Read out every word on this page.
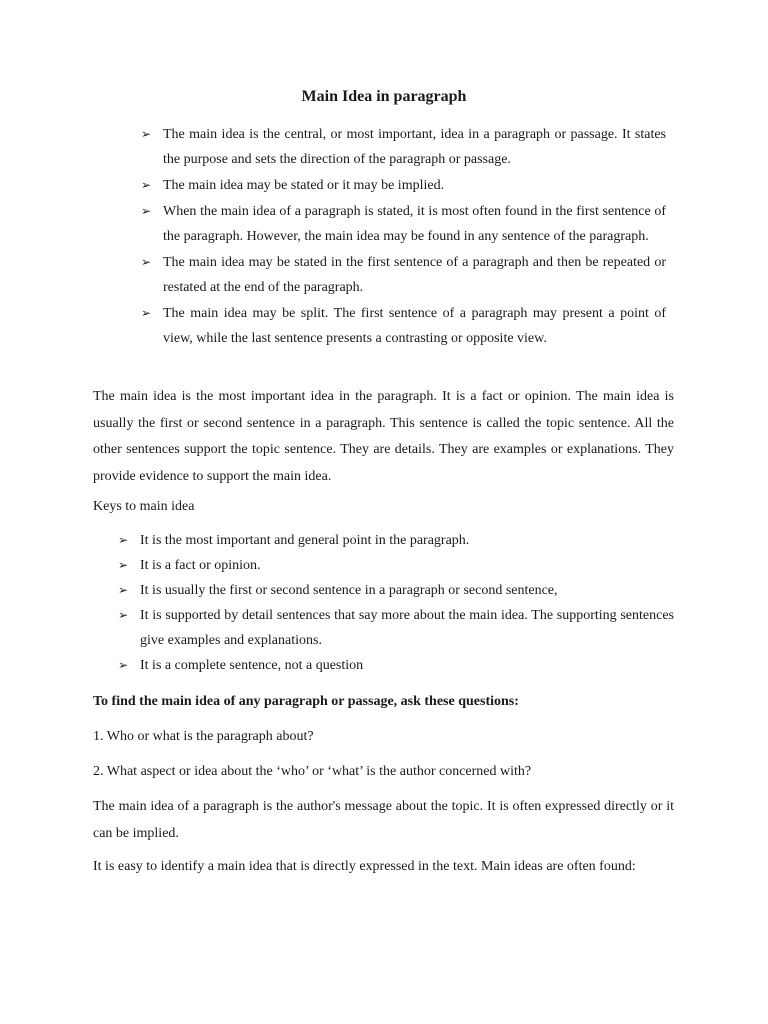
Main Idea in paragraph
➢ The main idea is the central, or most important, idea in a paragraph or passage. It states the purpose and sets the direction of the paragraph or passage.
➢ The main idea may be stated or it may be implied.
➢ When the main idea of a paragraph is stated, it is most often found in the first sentence of the paragraph. However, the main idea may be found in any sentence of the paragraph.
➢ The main idea may be stated in the first sentence of a paragraph and then be repeated or restated at the end of the paragraph.
➢ The main idea may be split. The first sentence of a paragraph may present a point of view, while the last sentence presents a contrasting or opposite view.

The main idea is the most important idea in the paragraph. It is a fact or opinion. The main idea is usually the first or second sentence in a paragraph. This sentence is called the topic sentence. All the other sentences support the topic sentence. They are details. They are examples or explanations. They provide evidence to support the main idea.

Keys to main idea

➢ It is the most important and general point in the paragraph.
➢ It is a fact or opinion.
➢ It is usually the first or second sentence in a paragraph or second sentence,
➢ It is supported by detail sentences that say more about the main idea. The supporting sentences give examples and explanations.
➢ It is a complete sentence, not a question

To find the main idea of any paragraph or passage, ask these questions:

1. Who or what is the paragraph about?

2. What aspect or idea about the ‘who’ or ‘what’ is the author concerned with?

The main idea of a paragraph is the author's message about the topic. It is often expressed directly or it can be implied.

It is easy to identify a main idea that is directly expressed in the text. Main ideas are often found:
